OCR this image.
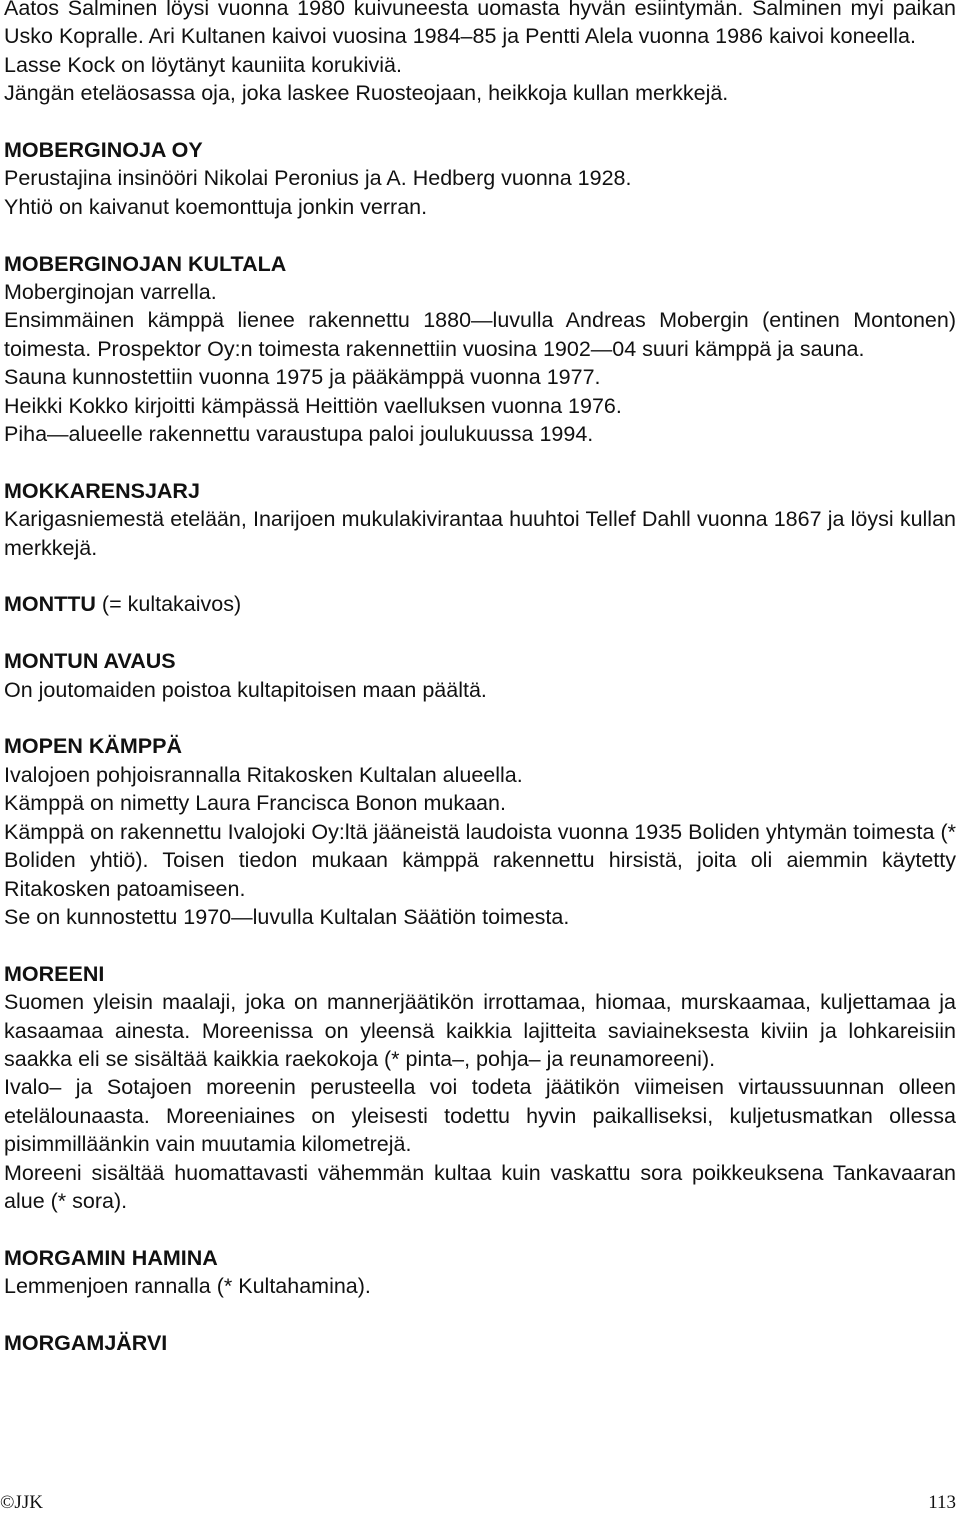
Aatos Salminen löysi vuonna 1980 kuivuneesta uomasta hyvän esiintymän. Salminen myi paikan Usko Kopralle. Ari Kultanen kaivoi vuosina 1984–85 ja Pentti Alela vuonna 1986 kaivoi koneella.

Lasse Kock on löytänyt kauniita korukiviä.

Jängän eteläosassa oja, joka laskee Ruosteojaan, heikkoja kullan merkkejä.

MOBERGINOJA OY

Perustajina insinööri Nikolai Peronius ja A. Hedberg vuonna 1928.

Yhtiö on kaivanut koemonttuja jonkin verran.

MOBERGINOJAN KULTALA

Moberginojan varrella.

Ensimmäinen kämppä lienee rakennettu 1880—luvulla Andreas Mobergin (entinen Montonen) toimesta. Prospektor Oy:n toimesta rakennettiin vuosina 1902—04 suuri kämppä ja sauna.

Sauna kunnostettiin vuonna 1975 ja pääkämppä vuonna 1977.

Heikki Kokko kirjoitti kämpässä Heittiön vaelluksen vuonna 1976.

Piha—alueelle rakennettu varaustupa paloi joulukuussa 1994.

MOKKARENSJARJ

Karigasniemestä etelään, Inarijoen mukulakivirantaa huuhtoi Tellef Dahll vuonna 1867 ja löysi kullan merkkejä.

MONTTU (= kultakaivos)

MONTUN AVAUS

On joutomaiden poistoa kultapitoisen maan päältä.

MOPEN KÄMPPÄ

Ivalojoen pohjoisrannalla Ritakosken Kultalan alueella.

Kämppä on nimetty Laura Francisca Bonon mukaan.

Kämppä on rakennettu Ivalojoki Oy:ltä jääneistä laudoista vuonna 1935 Boliden yhtymän toimesta (* Boliden yhtiö). Toisen tiedon mukaan kämppä rakennettu hirsistä, joita oli aiemmin käytetty Ritakosken patoamiseen.

Se on kunnostettu 1970—luvulla Kultalan Säätiön toimesta.

MOREENI

Suomen yleisin maalaji, joka on mannerjäätikön irrottamaa, hiomaa, murskaamaa, kuljettamaa ja kasaamaa ainesta. Moreenissa on yleensä kaikkia lajitteita saviaineksesta kiviin ja lohkareisiin saakka eli se sisältää kaikkia raekokoja (* pinta–, pohja– ja reunamoreeni).

Ivalo– ja Sotajoen moreenin perusteella voi todeta jäätikön viimeisen virtaussuunnan olleen etelälounaasta. Moreeniaines on yleisesti todettu hyvin paikalliseksi, kuljetusmatkan ollessa pisimmilläänkin vain muutamia kilometrejä.

Moreeni sisältää huomattavasti vähemmän kultaa kuin vaskattu sora poikkeuksena Tankavaaran alue (* sora).

MORGAMIN HAMINA

Lemmenjoen rannalla (* Kultahamina).

MORGAMJÄRVI

©JJK	113
